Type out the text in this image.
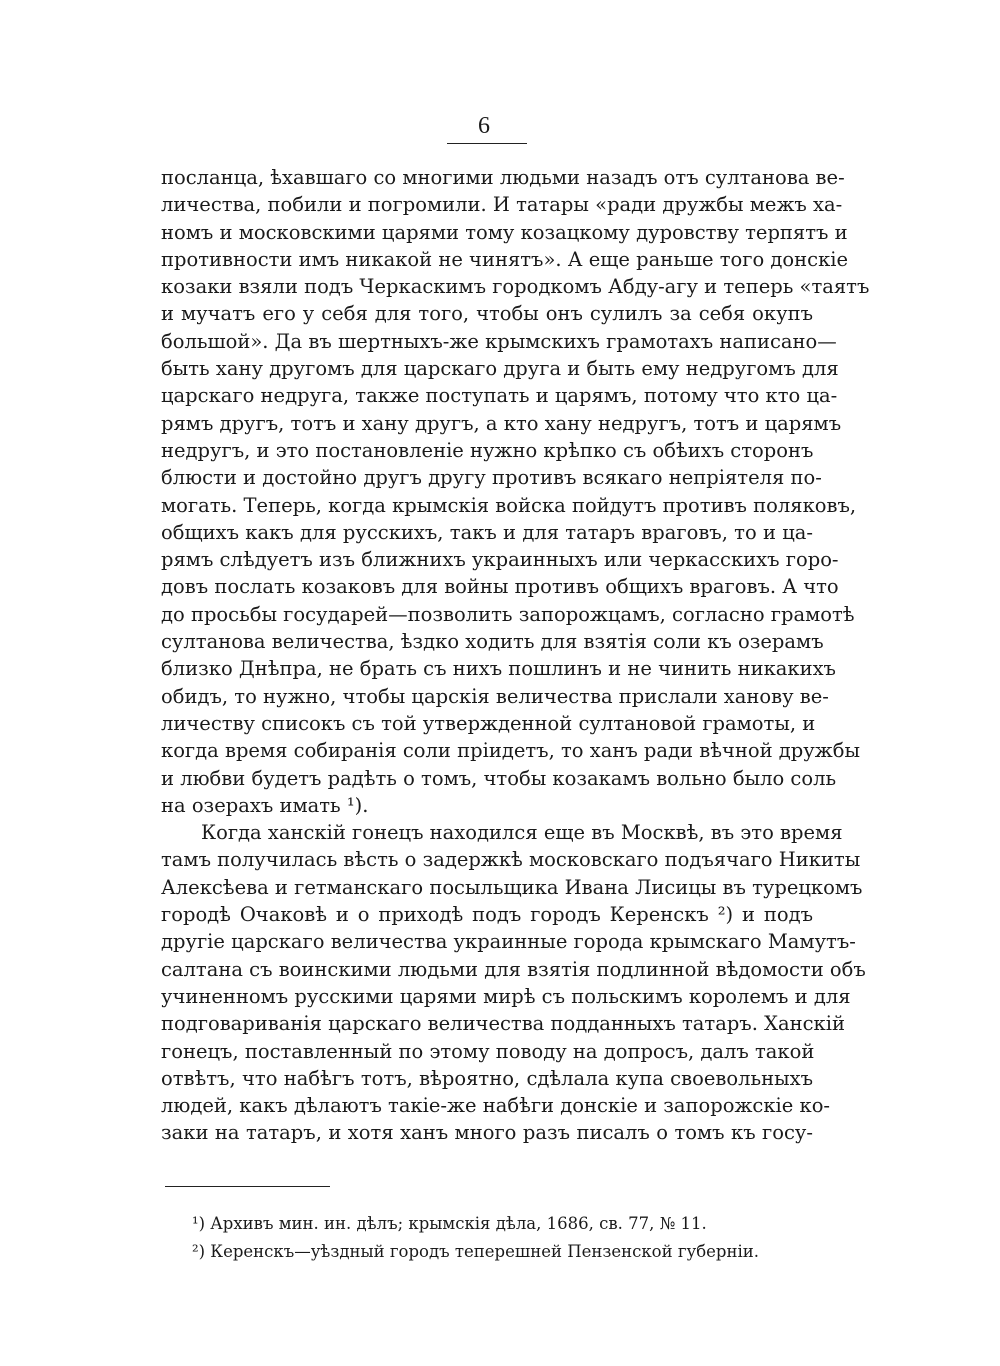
6
посланца, ѣхавшаго со многими людьми назадъ отъ султанова ве-
личества, побили и погромили. И татары «ради дружбы межъ ха-
номъ и московскими царями тому козацкому дуровству терпятъ и
противности имъ никакой не чинятъ». А еще раньше того донскіе
козаки взяли подъ Черкаскимъ городкомъ Абду-агу и теперь «таятъ
и мучатъ его у себя для того, чтобы онъ сулилъ за себя окупъ
большой». Да въ шертныхъ-же крымскихъ грамотахъ написано—
быть хану другомъ для царскаго друга и быть ему недругомъ для
царскаго недруга, также поступать и царямъ, потому что кто ца-
рямъ другъ, тотъ и хану другъ, а кто хану недругъ, тотъ и царямъ
недругъ, и это постановленіе нужно крѣпко съ обѣихъ сторонъ
блюсти и достойно другъ другу противъ всякаго непріятеля по-
могать. Теперь, когда крымскія войска пойдутъ противъ поляковъ,
общихъ какъ для русскихъ, такъ и для татаръ враговъ, то и ца-
рямъ слѣдуетъ изъ ближнихъ украинныхъ или черкасскихъ горо-
довъ послать козаковъ для войны противъ общихъ враговъ. А что
до просьбы государей—позволить запорожцамъ, согласно грамотѣ
султанова величества, ѣздко ходить для взятія соли къ озерамъ
близко Днѣпра, не брать съ нихъ пошлинъ и не чинить никакихъ
обидъ, то нужно, чтобы царскія величества прислали ханову ве-
личеству списокъ съ той утвержденной султановой грамоты, и
когда время собиранія соли пріидетъ, то ханъ ради вѣчной дружбы
и любви будетъ радѣть о томъ, чтобы козакамъ вольно было соль
на озерахъ имать ¹).
Когда ханскій гонецъ находился еще въ Москвѣ, въ это время
тамъ получилась вѣсть о задержкѣ московскаго подъячаго Никиты
Алексѣева и гетманскаго посыльщика Ивана Лисицы въ турецкомъ
городѣ Очаковѣ и о приходѣ подъ городъ Керенскъ ²) и подъ
другіе царскаго величества украинные города крымскаго Мамутъ-
салтана съ воинскими людьми для взятія подлинной вѣдомости объ
учиненномъ русскими царями мирѣ съ польскимъ королемъ и для
подговариванія царскаго величества подданныхъ татаръ. Ханскій
гонецъ, поставленный по этому поводу на допросъ, далъ такой
отвѣтъ, что набѣгъ тотъ, вѣроятно, сдѣлала купа своевольныхъ
людей, какъ дѣлаютъ такіе-же набѣги донскіе и запорожскіе ко-
заки на татаръ, и хотя ханъ много разъ писалъ о томъ къ госу-
¹) Архивъ мин. ин. дѣлъ; крымскія дѣла, 1686, св. 77, № 11.
²) Керенскъ—уѣздный городъ теперешней Пензенской губерніи.
